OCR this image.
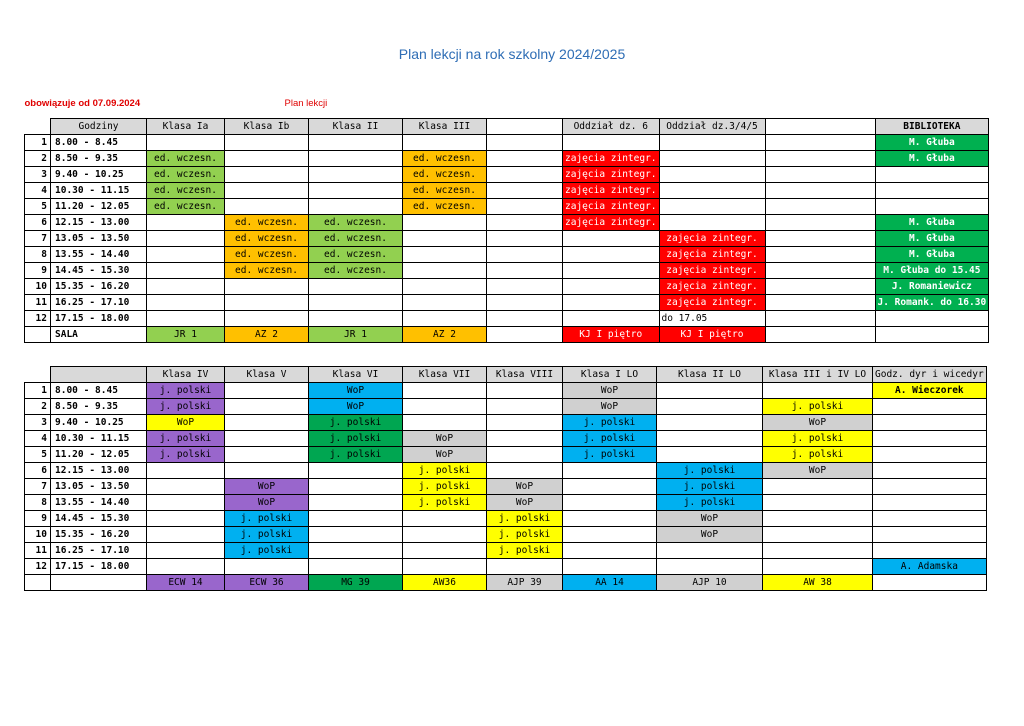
Plan lekcji na rok szkolny 2024/2025
obowiązuje od 07.09.2024					Plan lekcji					
	Godziny	Klasa Ia	Klasa Ib	Klasa II	Klasa III		Oddział dz. 6	Oddział dz.3/4/5		BIBLIOTEKA
1	8.00 - 8.45									M. Głuba
2	8.50 - 9.35	ed. wczesn.			ed. wczesn.		zajęcia zintegr.			M. Głuba
3	9.40 - 10.25	ed. wczesn.			ed. wczesn.		zajęcia zintegr.			
4	10.30 - 11.15	ed. wczesn.			ed. wczesn.		zajęcia zintegr.			
5	11.20 - 12.05	ed. wczesn.			ed. wczesn.		zajęcia zintegr.			
6	12.15 - 13.00		ed. wczesn.	ed. wczesn.			zajęcia zintegr.			M. Głuba
7	13.05 - 13.50		ed. wczesn.	ed. wczesn.				zajęcia zintegr.		M. Głuba
8	13.55 - 14.40		ed. wczesn.	ed. wczesn.				zajęcia zintegr.		M. Głuba
9	14.45 - 15.30		ed. wczesn.	ed. wczesn.				zajęcia zintegr.		M. Głuba do 15.45
10	15.35 - 16.20							zajęcia zintegr.		J. Romaniewicz
11	16.25 - 17.10							zajęcia zintegr.		J. Romank. do 16.30
12	17.15 - 18.00							do 17.05		
	SALA	JR 1	AZ 2	JR 1	AZ 2		KJ I piętro	KJ I piętro		
		Klasa IV	Klasa V	Klasa VI	Klasa VII	Klasa VIII	Klasa I LO	Klasa II LO	Klasa III i IV LO	Godz. dyr i wicedyr
1	8.00 - 8.45	j. polski		WoP			WoP			A. Wieczorek
2	8.50 - 9.35	j. polski		WoP			WoP		j. polski	
3	9.40 - 10.25	WoP		j. polski			j. polski		WoP	
4	10.30 - 11.15	j. polski		j. polski	WoP		j. polski		j. polski	
5	11.20 - 12.05	j. polski		j. polski	WoP		j. polski		j. polski	
6	12.15 - 13.00				j. polski			j. polski	WoP	
7	13.05 - 13.50		WoP		j. polski	WoP		j. polski		
8	13.55 - 14.40		WoP		j. polski	WoP		j. polski		
9	14.45 - 15.30		j. polski			j. polski		WoP		
10	15.35 - 16.20		j. polski			j. polski		WoP		
11	16.25 - 17.10		j. polski			j. polski				
12	17.15 - 18.00									A. Adamska
		ECW 14	ECW 36	MG 39	AW36	AJP 39	AA 14	AJP 10	AW 38	
